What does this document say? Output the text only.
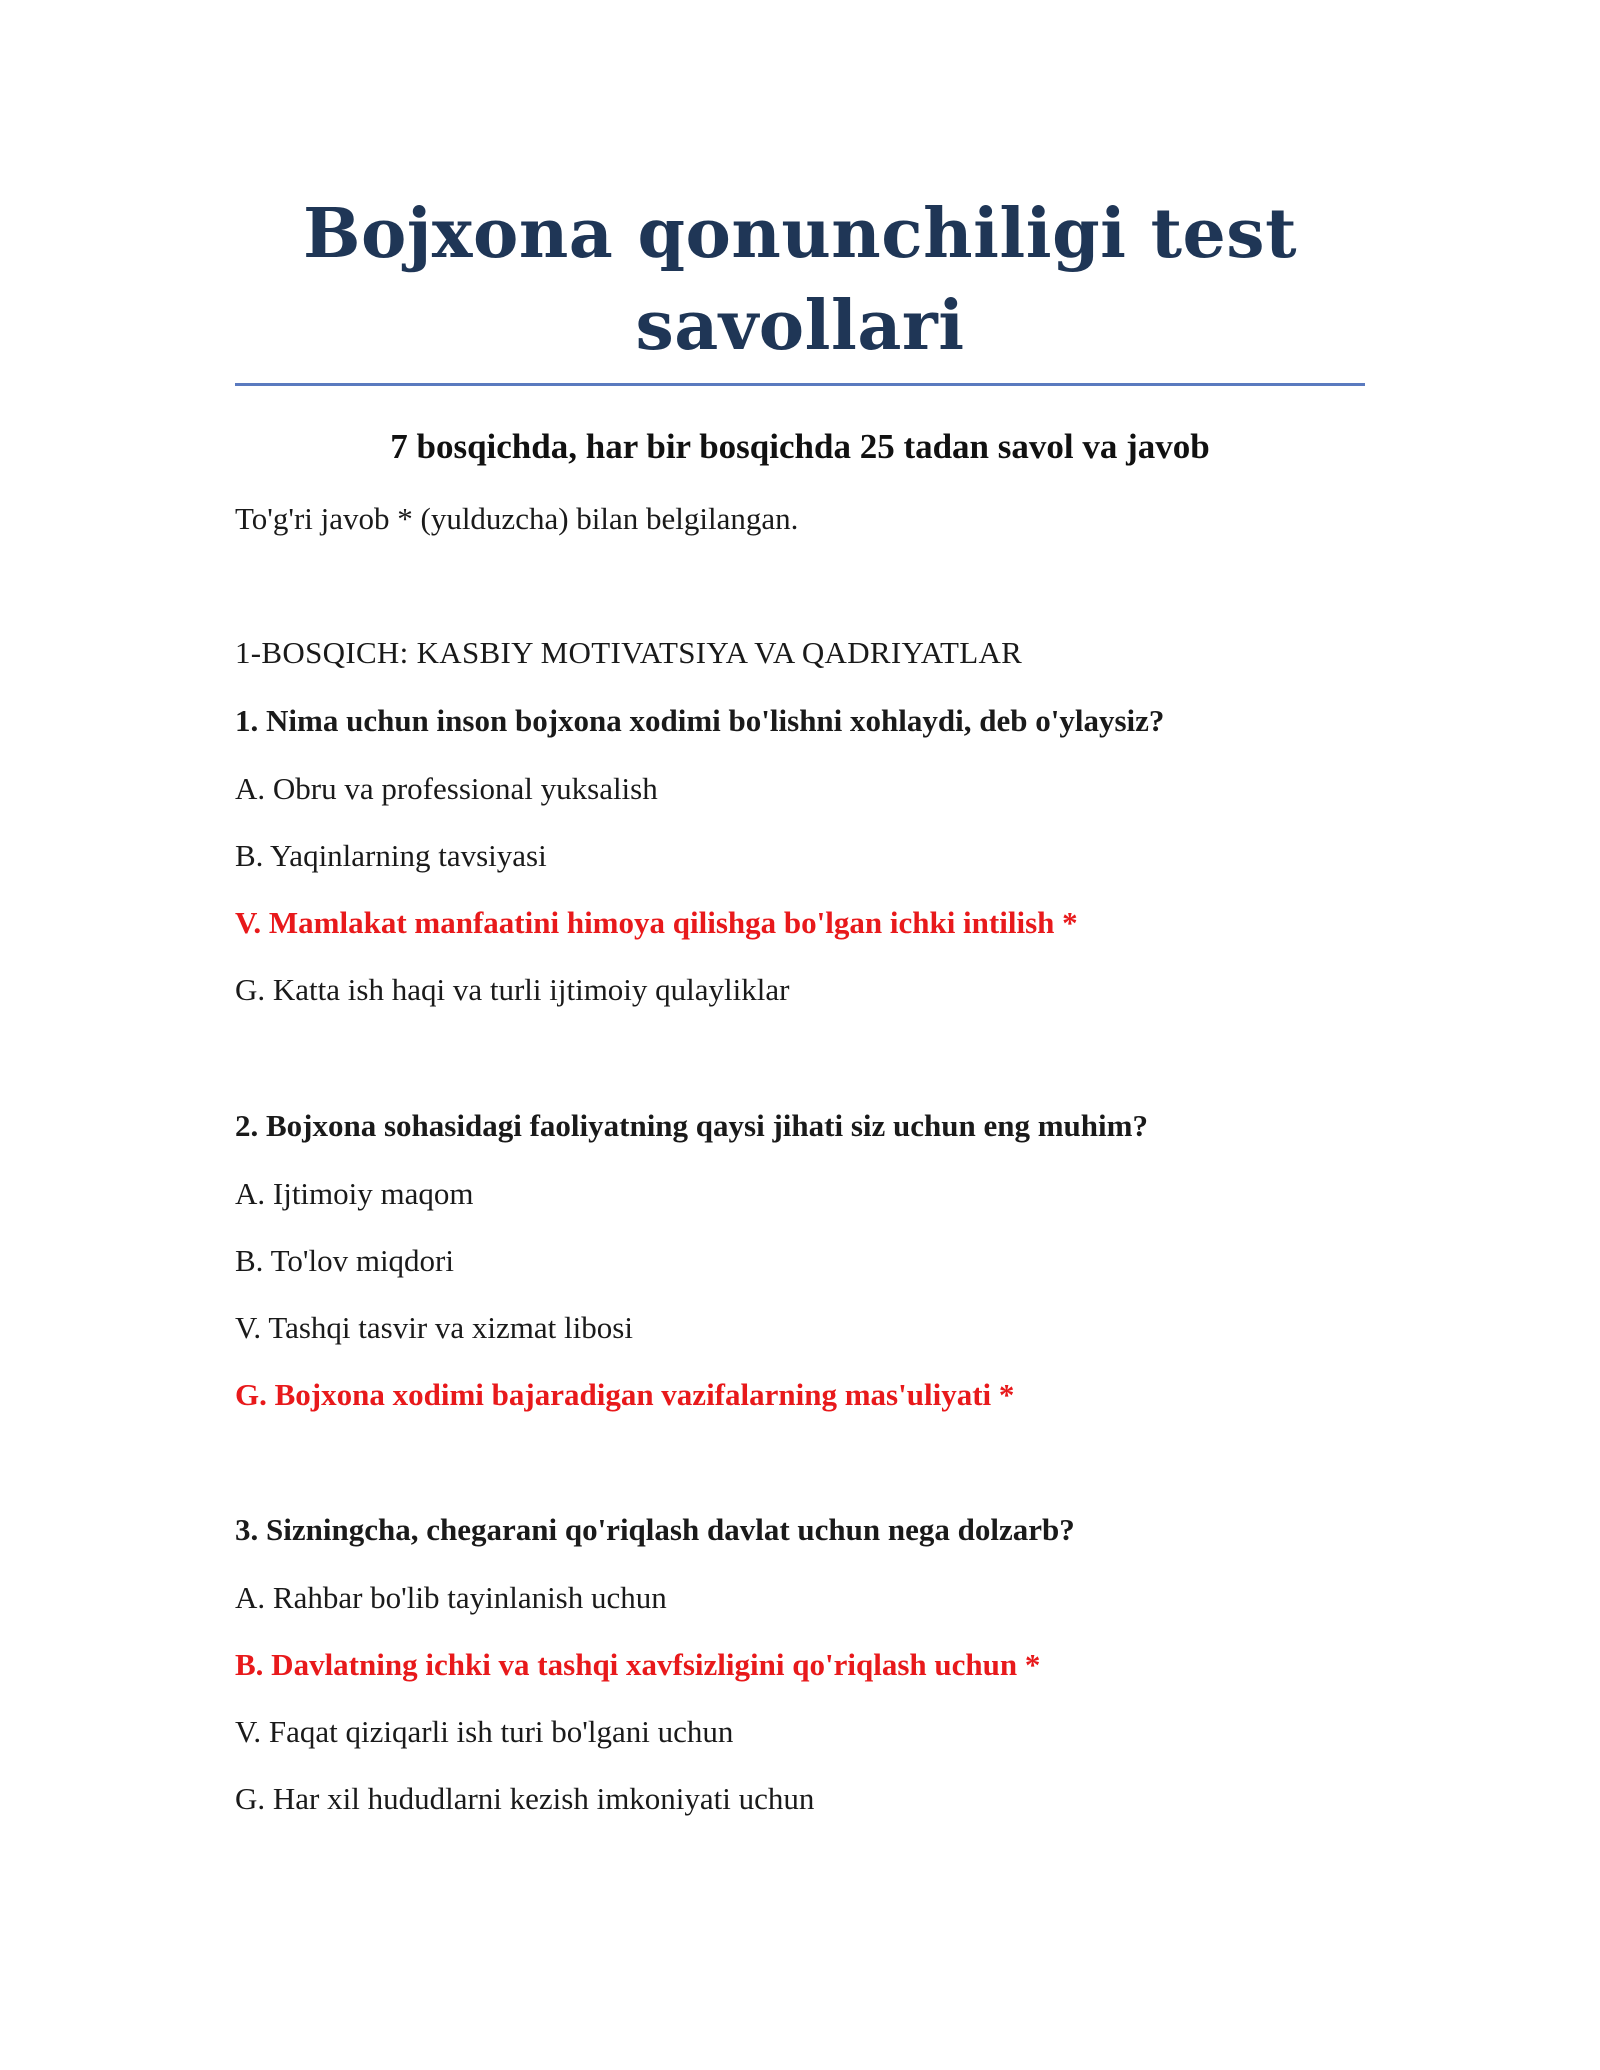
Bojxona qonunchiligi test savollari
7 bosqichda, har bir bosqichda 25 tadan savol va javob
To'g'ri javob * (yulduzcha) bilan belgilangan.
1-BOSQICH: KASBIY MOTIVATSIYA VA QADRIYATLAR
1. Nima uchun inson bojxona xodimi bo'lishni xohlaydi, deb o'ylaysiz?
A. Obru va professional yuksalish
B. Yaqinlarning tavsiyasi
V. Mamlakat manfaatini himoya qilishga bo'lgan ichki intilish *
G. Katta ish haqi va turli ijtimoiy qulayliklar
2. Bojxona sohasidagi faoliyatning qaysi jihati siz uchun eng muhim?
A. Ijtimoiy maqom
B. To'lov miqdori
V. Tashqi tasvir va xizmat libosi
G. Bojxona xodimi bajaradigan vazifalarning mas'uliyati *
3. Sizningcha, chegarani qo'riqlash davlat uchun nega dolzarb?
A. Rahbar bo'lib tayinlanish uchun
B. Davlatning ichki va tashqi xavfsizligini qo'riqlash uchun *
V. Faqat qiziqarli ish turi bo'lgani uchun
G. Har xil hududlarni kezish imkoniyati uchun
